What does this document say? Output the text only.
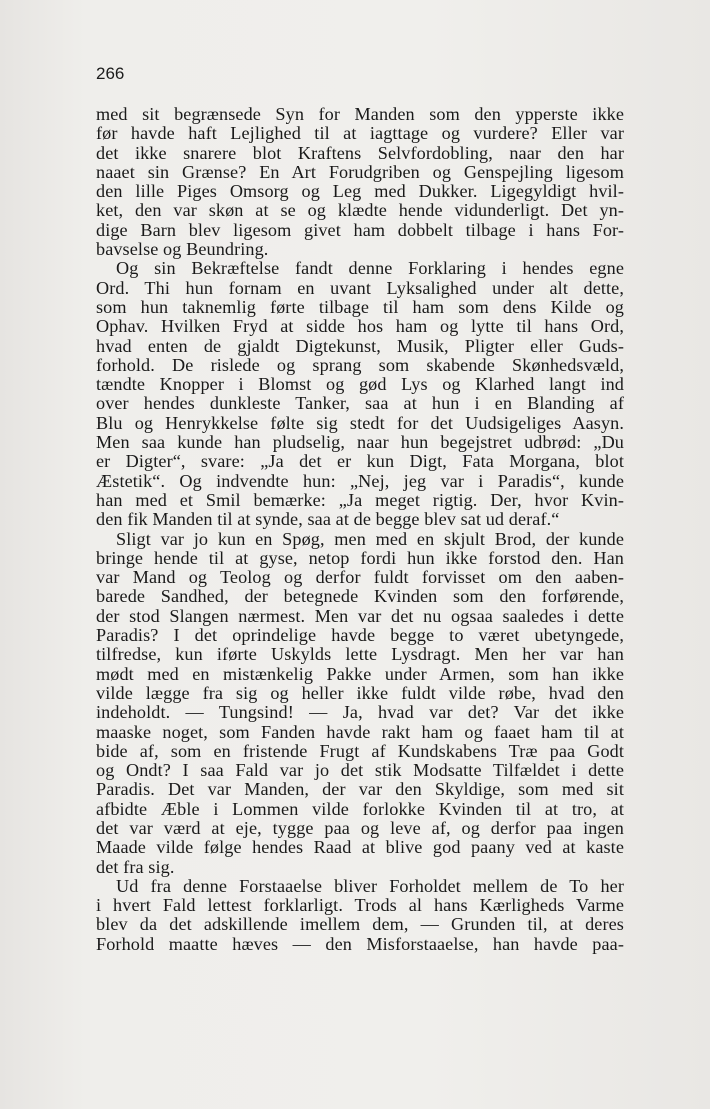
266
med sit begrænsede Syn for Manden som den ypperste ikke
før havde haft Lejlighed til at iagttage og vurdere? Eller var
det ikke snarere blot Kraftens Selvfordobling, naar den har
naaet sin Grænse? En Art Forudgriben og Genspejling ligesom
den lille Piges Omsorg og Leg med Dukker. Ligegyldigt hvil-
ket, den var skøn at se og klædte hende vidunderligt. Det yn-
dige Barn blev ligesom givet ham dobbelt tilbage i hans For-
bavselse og Beundring.
Og sin Bekræftelse fandt denne Forklaring i hendes egne
Ord. Thi hun fornam en uvant Lyksalighed under alt dette,
som hun taknemlig førte tilbage til ham som dens Kilde og
Ophav. Hvilken Fryd at sidde hos ham og lytte til hans Ord,
hvad enten de gjaldt Digtekunst, Musik, Pligter eller Guds-
forhold. De rislede og sprang som skabende Skønhedsvæld,
tændte Knopper i Blomst og gød Lys og Klarhed langt ind
over hendes dunkleste Tanker, saa at hun i en Blanding af
Blu og Henrykkelse følte sig stedt for det Uudsigeliges Aasyn.
Men saa kunde han pludselig, naar hun begejstret udbrød: „Du
er Digter“, svare: „Ja det er kun Digt, Fata Morgana, blot
Æstetik“. Og indvendte hun: „Nej, jeg var i Paradis“, kunde
han med et Smil bemærke: „Ja meget rigtig. Der, hvor Kvin-
den fik Manden til at synde, saa at de begge blev sat ud deraf.“
Sligt var jo kun en Spøg, men med en skjult Brod, der kunde
bringe hende til at gyse, netop fordi hun ikke forstod den. Han
var Mand og Teolog og derfor fuldt forvisset om den aaben-
barede Sandhed, der betegnede Kvinden som den forførende,
der stod Slangen nærmest. Men var det nu ogsaa saaledes i dette
Paradis? I det oprindelige havde begge to været ubetyngede,
tilfredse, kun iførte Uskylds lette Lysdragt. Men her var han
mødt med en mistænkelig Pakke under Armen, som han ikke
vilde lægge fra sig og heller ikke fuldt vilde røbe, hvad den
indeholdt. — Tungsind! — Ja, hvad var det? Var det ikke
maaske noget, som Fanden havde rakt ham og faaet ham til at
bide af, som en fristende Frugt af Kundskabens Træ paa Godt
og Ondt? I saa Fald var jo det stik Modsatte Tilfældet i dette
Paradis. Det var Manden, der var den Skyldige, som med sit
afbidte Æble i Lommen vilde forlokke Kvinden til at tro, at
det var værd at eje, tygge paa og leve af, og derfor paa ingen
Maade vilde følge hendes Raad at blive god paany ved at kaste
det fra sig.
Ud fra denne Forstaaelse bliver Forholdet mellem de To her
i hvert Fald lettest forklarligt. Trods al hans Kærligheds Varme
blev da det adskillende imellem dem, — Grunden til, at deres
Forhold maatte hæves — den Misforstaaelse, han havde paa-
